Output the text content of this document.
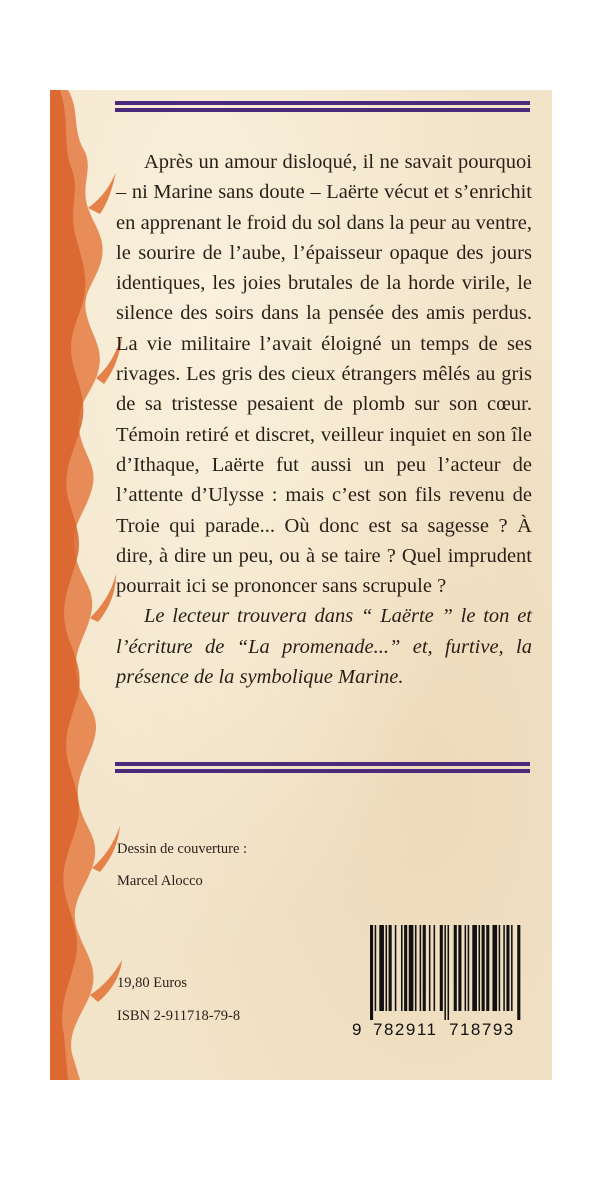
Après un amour disloqué, il ne savait pourquoi – ni Marine sans doute – Laërte vécut et s’enrichit en apprenant le froid du sol dans la peur au ventre, le sourire de l’aube, l’épaisseur opaque des jours identiques, les joies brutales de la horde virile, le silence des soirs dans la pensée des amis perdus. La vie militaire l’avait éloigné un temps de ses rivages. Les gris des cieux étrangers mêlés au gris de sa tristesse pesaient de plomb sur son cœur. Témoin retiré et discret, veilleur inquiet en son île d’Ithaque, Laërte fut aussi un peu l’acteur de l’attente d’Ulysse : mais c’est son fils revenu de Troie qui parade... Où donc est sa sagesse ? À dire, à dire un peu, ou à se taire ? Quel imprudent pourrait ici se prononcer sans scrupule ?

Le lecteur trouvera dans “ Laërte ” le ton et l’écriture de “La promenade...” et, furtive, la présence de la symbolique Marine.

Dessin de couverture :
Marcel Alocco
19,80 Euros
ISBN 2-911718-79-8
9 782911 718793
